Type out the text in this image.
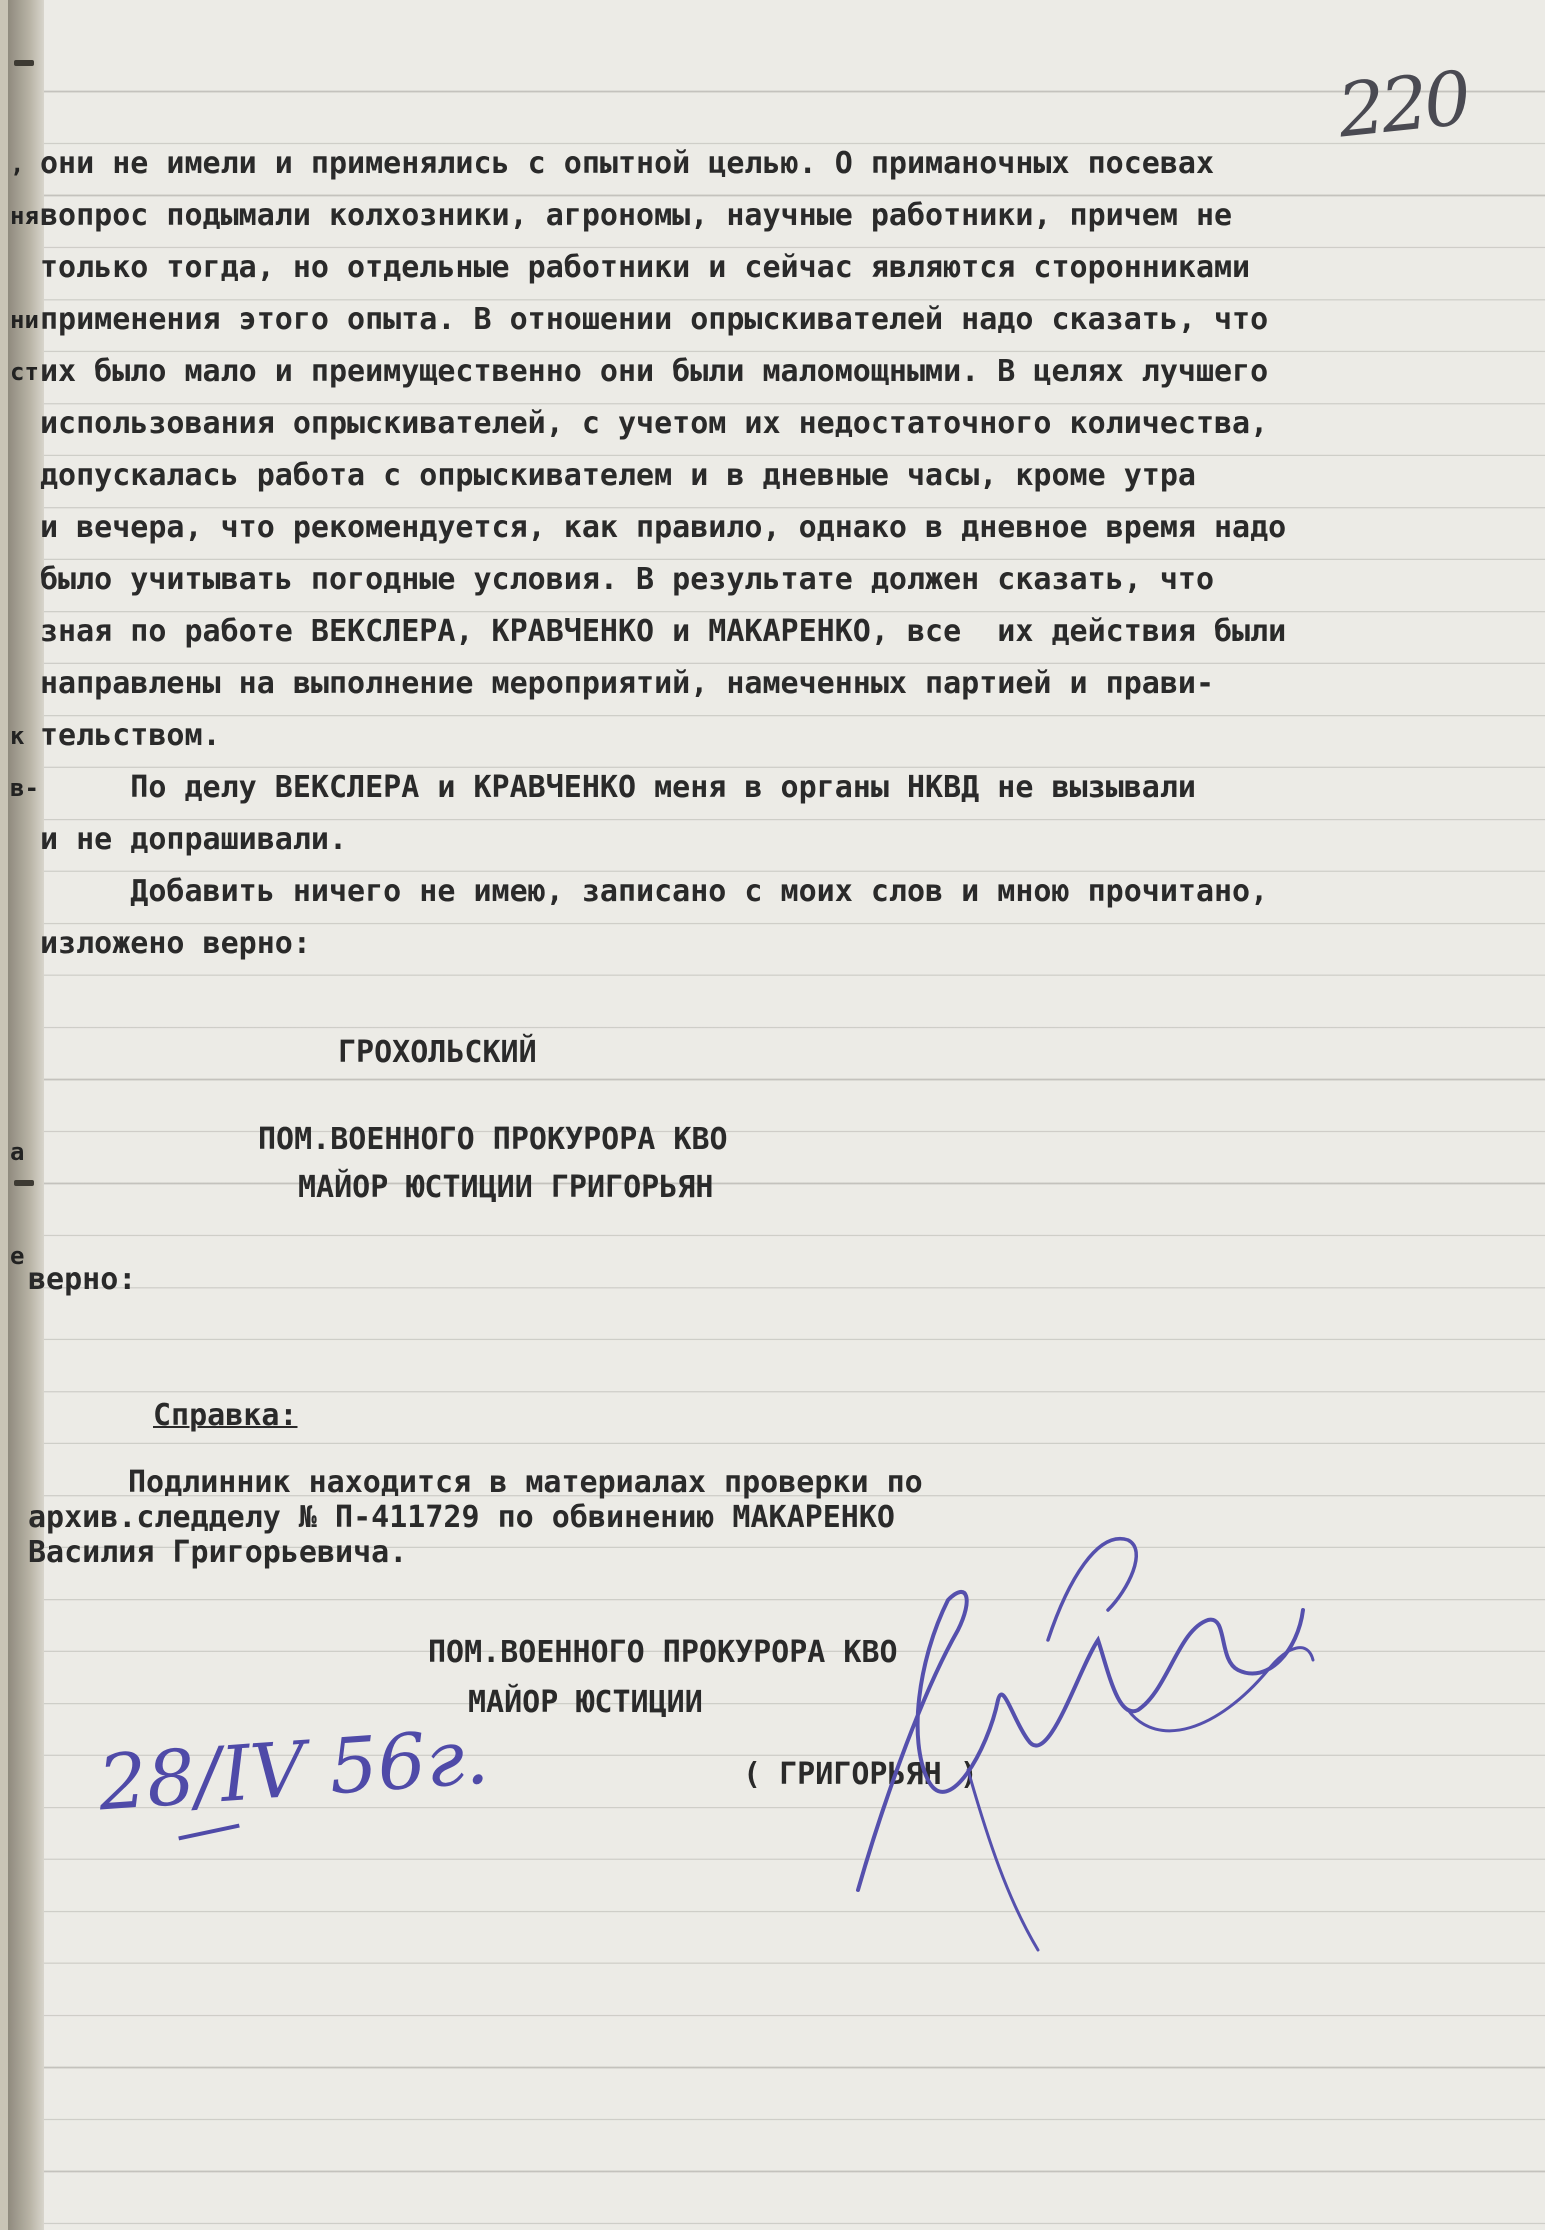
,
ня
ни
ст
к
в-
а
е
220
они не имели и применялись с опытной целью. О приманочных посевах
вопрос подымали колхозники, агрономы, научные работники, причем не
только тогда, но отдельные работники и сейчас являются сторонниками
применения этого опыта. В отношении опрыскивателей надо сказать, что
их было мало и преимущественно они были маломощными. В целях лучшего
использования опрыскивателей, с учетом их недостаточного количества,
допускалась работа с опрыскивателем и в дневные часы, кроме утра
и вечера, что рекомендуется, как правило, однако в дневное время надо
было учитывать погодные условия. В результате должен сказать, что
зная по работе ВЕКСЛЕРА, КРАВЧЕНКО и МАКАРЕНКО, все  их действия были
направлены на выполнение мероприятий, намеченных партией и прави-
тельством.
По делу ВЕКСЛЕРА и КРАВЧЕНКО меня в органы НКВД не вызывали
и не допрашивали.
Добавить ничего не имею, записано с моих слов и мною прочитано,
изложено верно:
ГРОХОЛЬСКИЙ
ПОМ.ВОЕННОГО ПРОКУРОРА КВО
МАЙОР ЮСТИЦИИ ГРИГОРЬЯН
верно:
Справка:
Подлинник находится в материалах проверки по
архив.следделу № П-411729 по обвинению МАКАРЕНКО
Василия Григорьевича.
ПОМ.ВОЕННОГО ПРОКУРОРА КВО
МАЙОР ЮСТИЦИИ
( ГРИГОРЬЯН )
28/IV 56г.
